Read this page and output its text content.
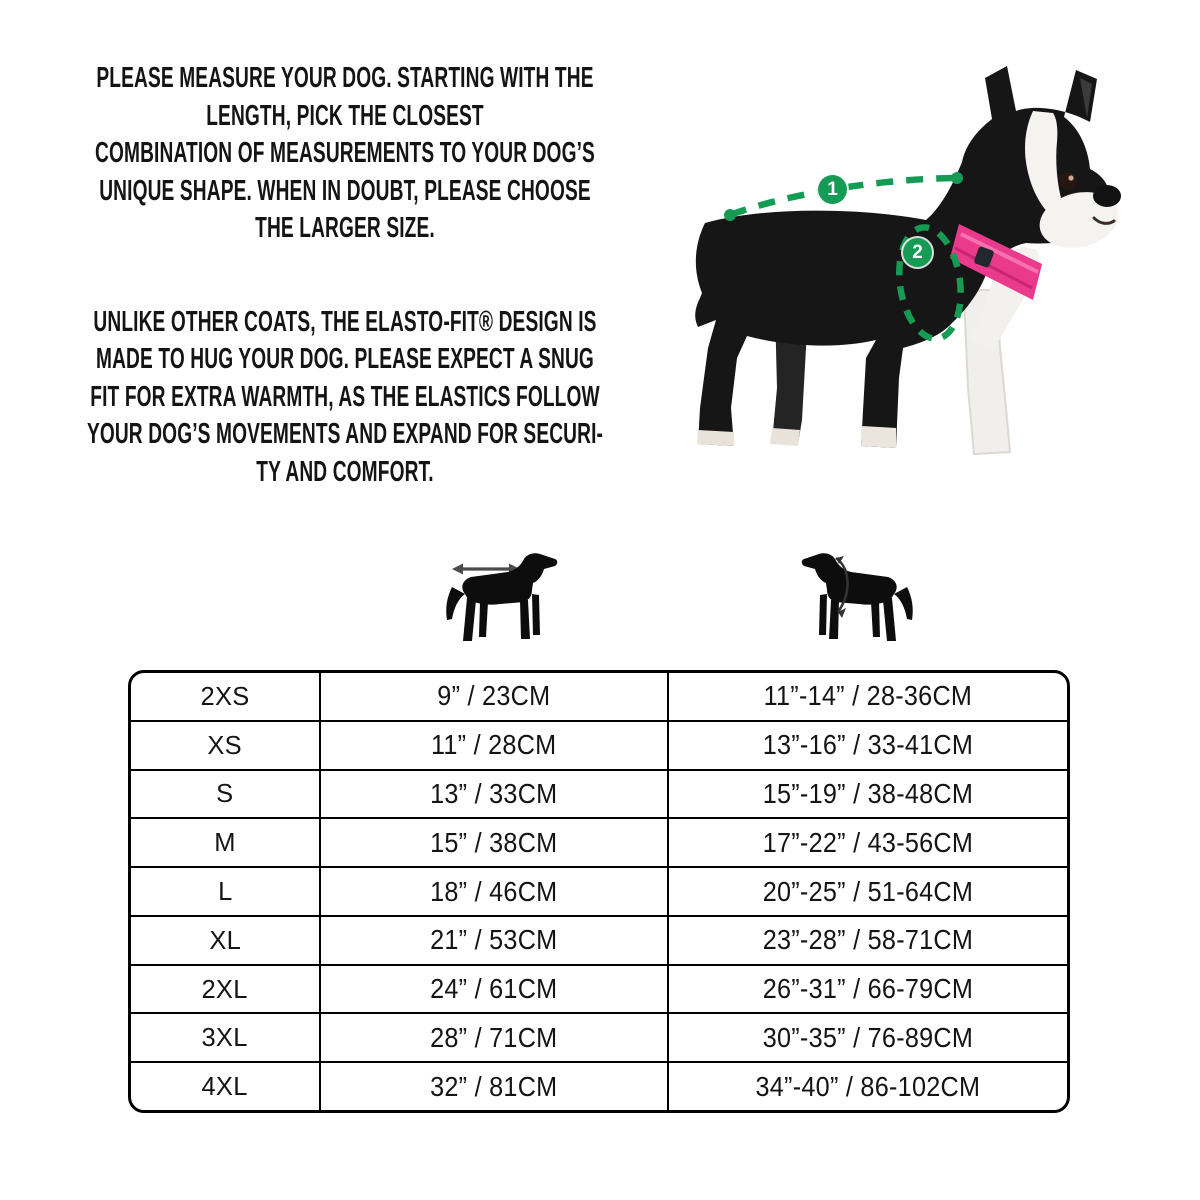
PLEASE MEASURE YOUR DOG. STARTING WITH THE
LENGTH, PICK THE CLOSEST
COMBINATION OF MEASUREMENTS TO YOUR DOG’S
UNIQUE SHAPE. WHEN IN DOUBT, PLEASE CHOOSE
THE LARGER SIZE.
UNLIKE OTHER COATS, THE ELASTO-FIT® DESIGN IS
MADE TO HUG YOUR DOG. PLEASE EXPECT A SNUG
FIT FOR EXTRA WARMTH, AS THE ELASTICS FOLLOW
YOUR DOG’S MOVEMENTS AND EXPAND FOR SECURI-
TY AND COMFORT.
1
2
2XS	9” / 23CM	11”-14” / 28-36CM
XS	11” / 28CM	13”-16” / 33-41CM
S	13” / 33CM	15”-19” / 38-48CM
M	15” / 38CM	17”-22” / 43-56CM
L	18” / 46CM	20”-25” / 51-64CM
XL	21” / 53CM	23”-28” / 58-71CM
2XL	24” / 61CM	26”-31” / 66-79CM
3XL	28” / 71CM	30”-35” / 76-89CM
4XL	32” / 81CM	34”-40” / 86-102CM
